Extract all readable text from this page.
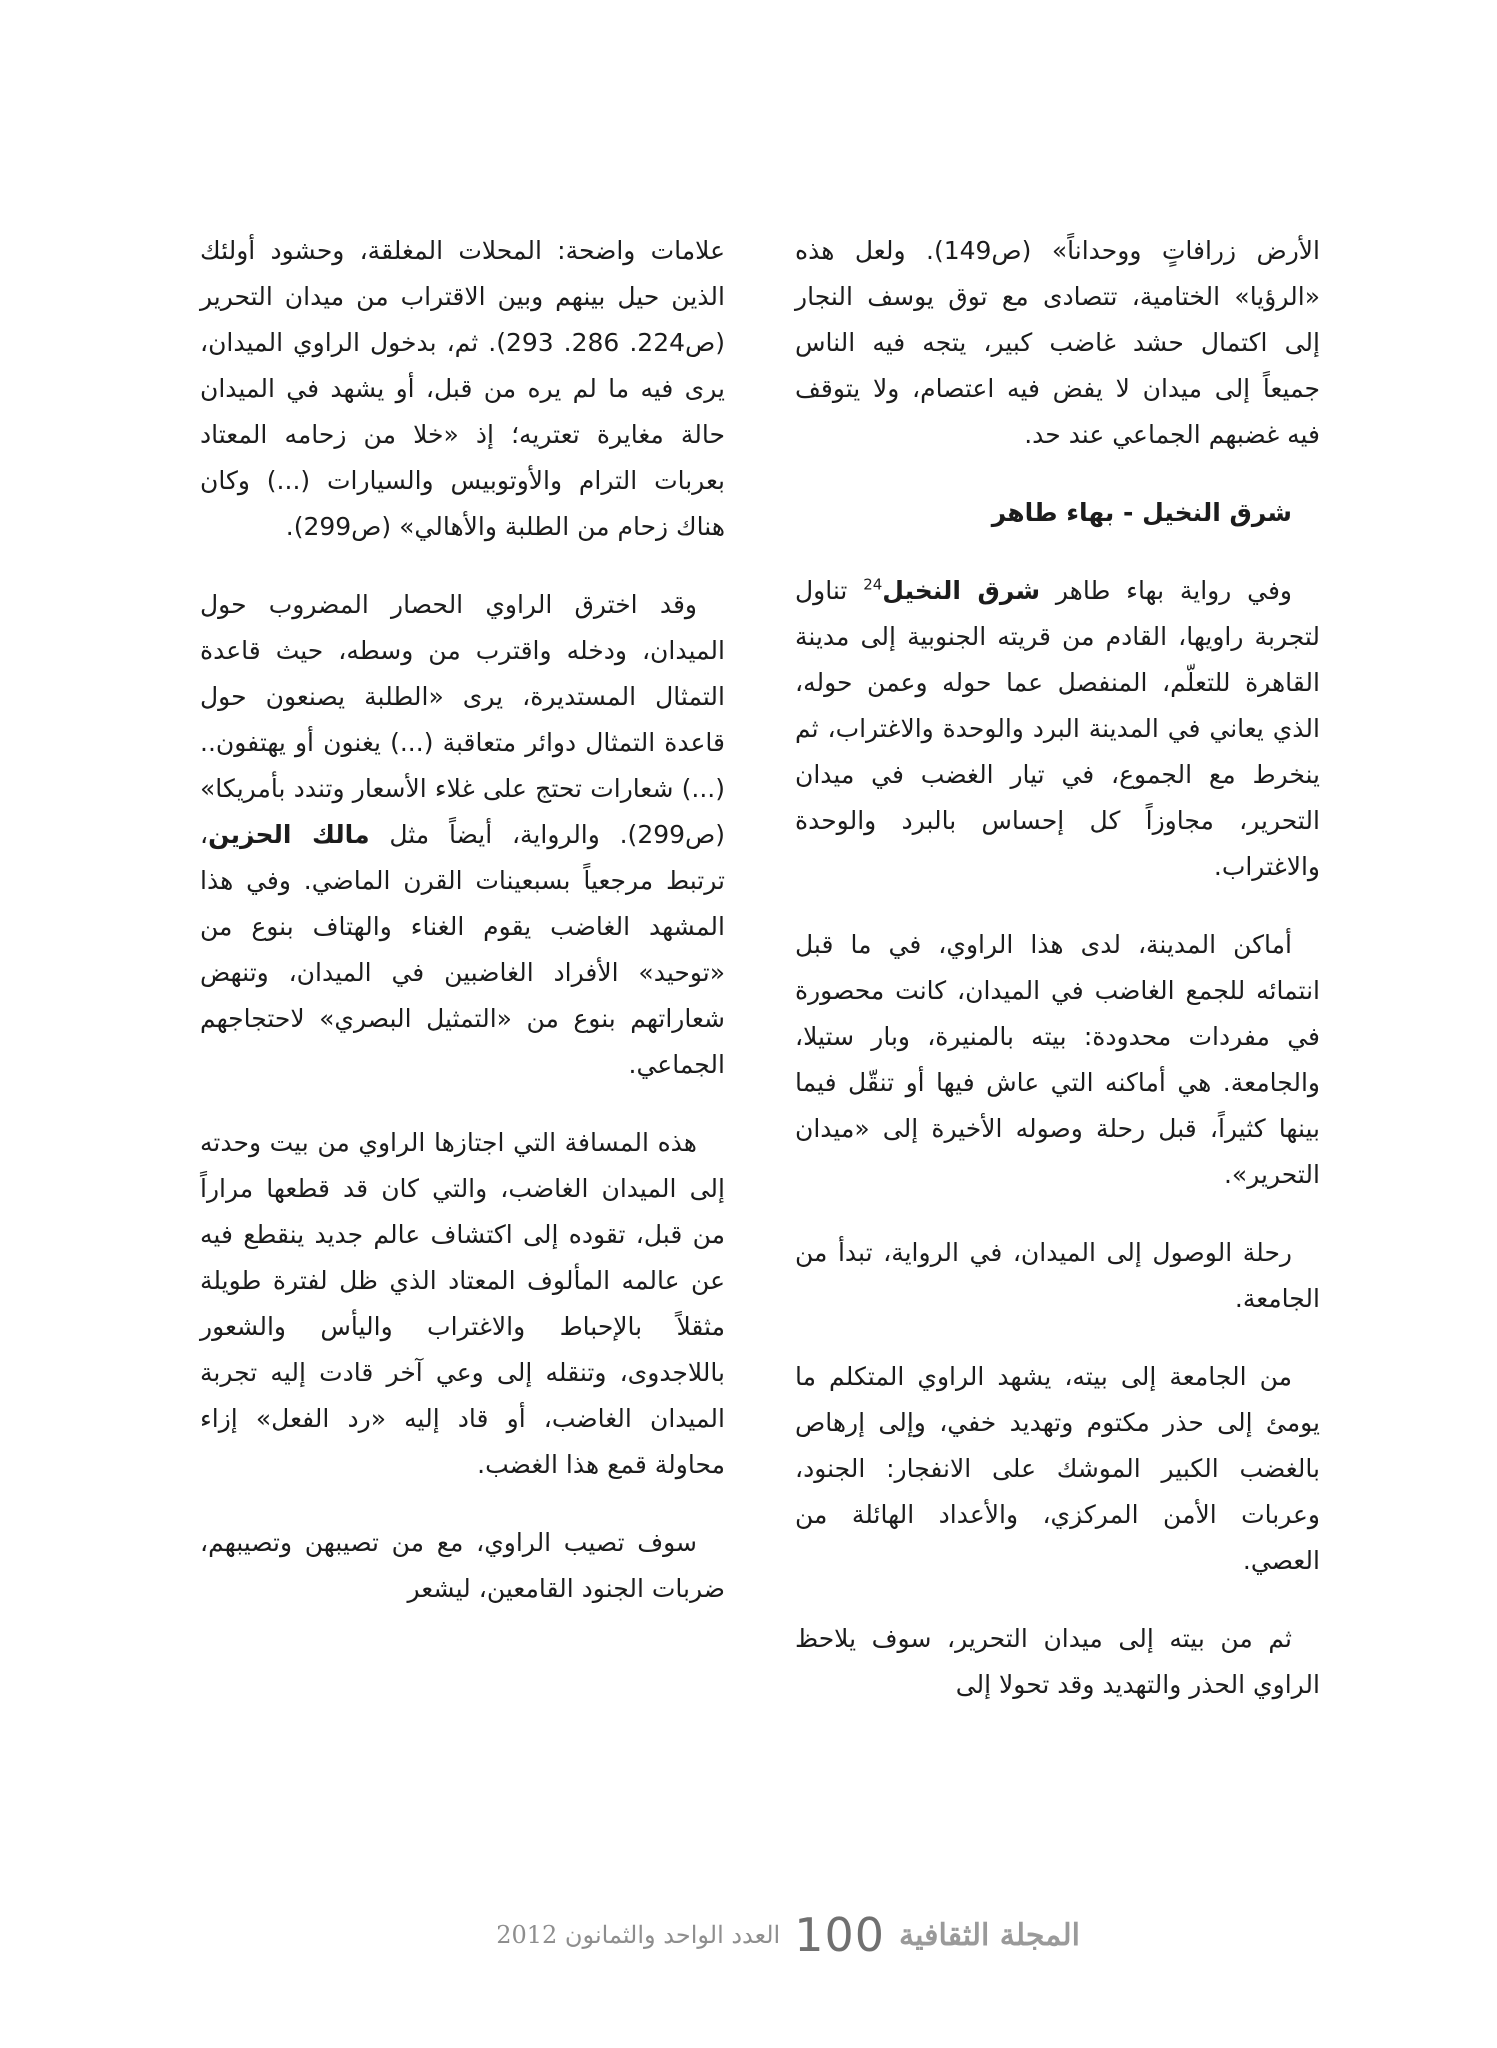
الأرض زرافاتٍ ووحداناً» (ص149). ولعل هذه «الرؤيا» الختامية، تتصادى مع توق يوسف النجار إلى اكتمال حشد غاضب كبير، يتجه فيه الناس جميعاً إلى ميدان لا يفض فيه اعتصام، ولا يتوقف فيه غضبهم الجماعي عند حد.

شرق النخيل - بهاء طاهر

وفي رواية بهاء طاهر شرق النخيل$^{24}$ تناول لتجربة راويها، القادم من قريته الجنوبية إلى مدينة القاهرة للتعلّم، المنفصل عما حوله وعمن حوله، الذي يعاني في المدينة البرد والوحدة والاغتراب، ثم ينخرط مع الجموع، في تيار الغضب في ميدان التحرير، مجاوزاً كل إحساس بالبرد والوحدة والاغتراب.

أماكن المدينة، لدى هذا الراوي، في ما قبل انتمائه للجمع الغاضب في الميدان، كانت محصورة في مفردات محدودة: بيته بالمنيرة، وبار ستيلا، والجامعة. هي أماكنه التي عاش فيها أو تنقّل فيما بينها كثيراً، قبل رحلة وصوله الأخيرة إلى «ميدان التحرير».

رحلة الوصول إلى الميدان، في الرواية، تبدأ من الجامعة.

من الجامعة إلى بيته، يشهد الراوي المتكلم ما يومئ إلى حذر مكتوم وتهديد خفي، وإلى إرهاص بالغضب الكبير الموشك على الانفجار: الجنود، وعربات الأمن المركزي، والأعداد الهائلة من العصي.

ثم من بيته إلى ميدان التحرير، سوف يلاحظ الراوي الحذر والتهديد وقد تحولا إلى

علامات واضحة: المحلات المغلقة، وحشود أولئك الذين حيل بينهم وبين الاقتراب من ميدان التحرير (ص224. 286. 293). ثم، بدخول الراوي الميدان، يرى فيه ما لم يره من قبل، أو يشهد في الميدان حالة مغايرة تعتريه؛ إذ «خلا من زحامه المعتاد بعربات الترام والأوتوبيس والسيارات (...) وكان هناك زحام من الطلبة والأهالي» (ص299).

وقد اخترق الراوي الحصار المضروب حول الميدان، ودخله واقترب من وسطه، حيث قاعدة التمثال المستديرة، يرى «الطلبة يصنعون حول قاعدة التمثال دوائر متعاقبة (...) يغنون أو يهتفون.. (...) شعارات تحتج على غلاء الأسعار وتندد بأمريكا» (ص299). والرواية، أيضاً مثل مالك الحزين، ترتبط مرجعياً بسبعينات القرن الماضي. وفي هذا المشهد الغاضب يقوم الغناء والهتاف بنوع من «توحيد» الأفراد الغاضبين في الميدان، وتنهض شعاراتهم بنوع من «التمثيل البصري» لاحتجاجهم الجماعي.

هذه المسافة التي اجتازها الراوي من بيت وحدته إلى الميدان الغاضب، والتي كان قد قطعها مراراً من قبل، تقوده إلى اكتشاف عالم جديد ينقطع فيه عن عالمه المألوف المعتاد الذي ظل لفترة طويلة مثقلاً بالإحباط والاغتراب واليأس والشعور باللاجدوى، وتنقله إلى وعي آخر قادت إليه تجربة الميدان الغاضب، أو قاد إليه «رد الفعل» إزاء محاولة قمع هذا الغضب.

سوف تصيب الراوي، مع من تصيبهن وتصيبهم، ضربات الجنود القامعين، ليشعر

المجلة الثقافية
100
العدد الواحد والثمانون 2012
